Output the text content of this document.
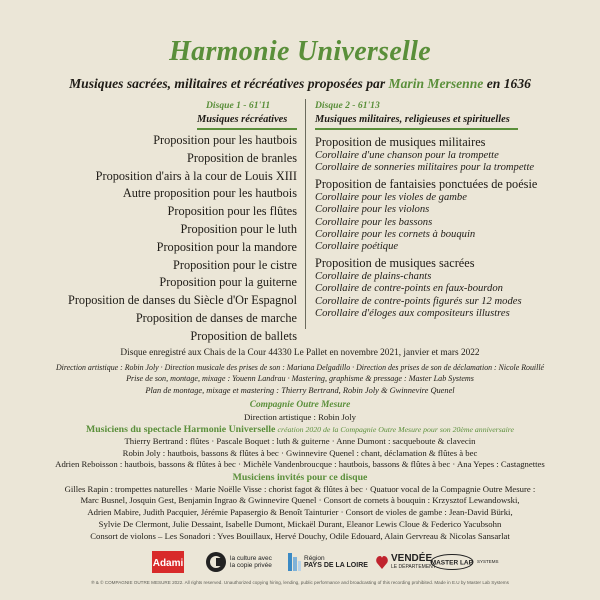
Harmonie Universelle
Musiques sacrées, militaires et récréatives proposées par Marin Mersenne en 1636
Disque 1 - 61'11
Musiques récréatives
Disque 2 - 61'13
Musiques militaires, religieuses et spirituelles
Proposition pour les hautbois
Proposition de branles
Proposition d'airs à la cour de Louis XIII
Autre proposition pour les hautbois
Proposition pour les flûtes
Proposition pour le luth
Proposition pour la mandore
Proposition pour le cistre
Proposition pour la guiterne
Proposition de danses du Siècle d'Or Espagnol
Proposition de danses de marche
Proposition de ballets
Proposition de musiques militaires
Corollaire d'une chanson pour la trompette
Corollaire de sonneries militaires pour la trompette
Proposition de fantaisies ponctuées de poésie
Corollaire pour les violes de gambe
Corollaire pour les violons
Corollaire pour les bassons
Corollaire pour les cornets à bouquin
Corollaire poétique
Proposition de musiques sacrées
Corollaire de plains-chants
Corollaire de contre-points en faux-bourdon
Corollaire de contre-points figurés sur 12 modes
Corollaire d'éloges aux compositeurs illustres
Disque enregistré aux Chais de la Cour 44330 Le Pallet en novembre 2021, janvier et mars 2022
Direction artistique : Robin Joly · Direction musicale des prises de son : Mariana Delgadillo · Direction des prises de son de déclamation : Nicole Rouillé
Prise de son, montage, mixage : Youenn Landrau · Mastering, graphisme & pressage : Master Lab Systems
Plan de montage, mixage et mastering : Thierry Bertrand, Robin Joly & Gwinnevire Quenel
Compagnie Outre Mesure
Direction artistique : Robin Joly
Musiciens du spectacle Harmonie Universelle création 2020 de la Compagnie Outre Mesure pour son 20ème anniversaire
Thierry Bertrand : flûtes · Pascale Boquet : luth & guiterne · Anne Dumont : sacqueboute & clavecin
Robin Joly : hautbois, bassons & flûtes à bec · Gwinnevire Quenel : chant, déclamation & flûtes à bec
Adrien Reboisson : hautbois, bassons & flûtes à bec · Michèle Vandenbroucque : hautbois, bassons & flûtes à bec · Ana Yepes : Castagnettes
Musiciens invités pour ce disque
Gilles Rapin : trompettes naturelles · Marie Noëlle Visse : chorist fagot & flûtes à bec · Quatuor vocal de la Compagnie Outre Mesure :
Marc Busnel, Josquin Gest, Benjamin Ingrao & Gwinnevire Quenel · Consort de cornets à bouquin : Krzysztof Lewandowski,
Adrien Mabire, Judith Pacquier, Jérémie Papasergio & Benoît Tainturier · Consort de violes de gambe : Jean-David Bürki,
Sylvie De Clermont, Julie Dessaint, Isabelle Dumont, Mickaël Durant, Eleanor Lewis Cloue & Federico Yacubsohn
Consort de violons – Les Sonadori : Yves Bouillaux, Hervé Douchy, Odile Edouard, Alain Gervreau & Nicolas Sansarlat
Adami	la culture avec
la copie privée
Région
PAYS DE LA LOIRE
VENDÉE
LE DÉPARTEMENT
MASTER LAB SYSTEMS
℗ & © COMPAGNIE OUTRE MESURE 2022. All rights reserved. Unauthorized copying hiring, lending, public performance and broadcasting of this recording prohibited. Made in E.U by Master Lab Systems
